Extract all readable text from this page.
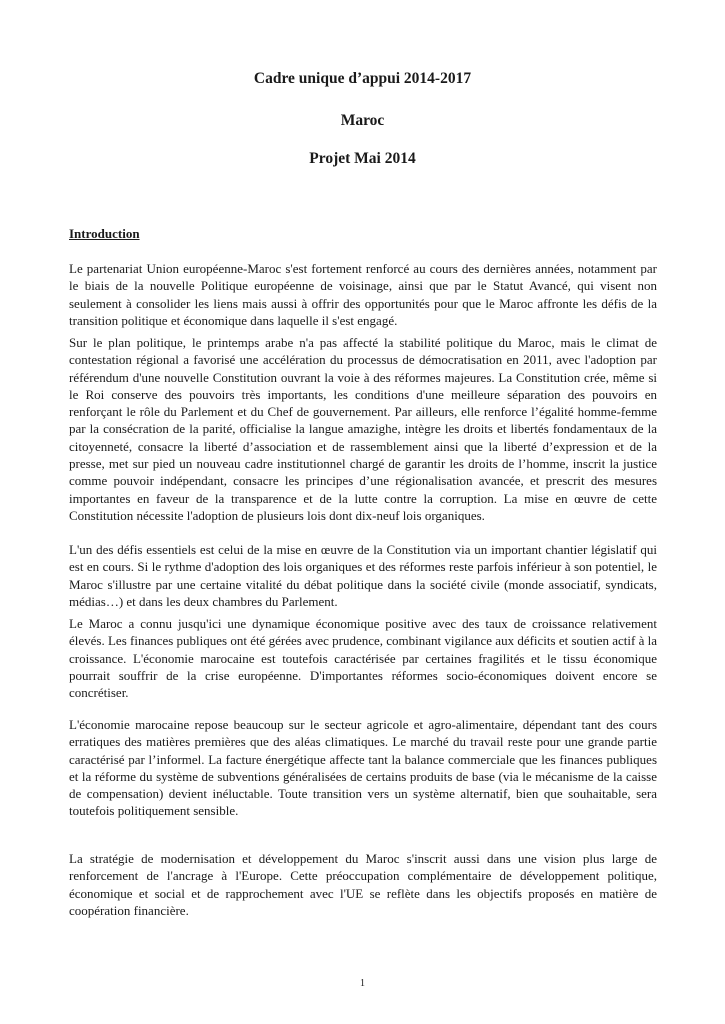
Cadre unique d’appui 2014-2017
Maroc
Projet Mai 2014
Introduction

Le partenariat Union européenne-Maroc s'est fortement renforcé au cours des dernières années, notamment par le biais de la nouvelle Politique européenne de voisinage, ainsi que par le Statut Avancé, qui visent non seulement à consolider les liens mais aussi à offrir des opportunités pour que le Maroc affronte les défis de la transition politique et économique dans laquelle il s'est engagé.

Sur le plan politique, le printemps arabe n'a pas affecté la stabilité politique du Maroc, mais le climat de contestation régional a favorisé une accélération du processus de démocratisation en 2011, avec l'adoption par référendum d'une nouvelle Constitution ouvrant la voie à des réformes majeures. La Constitution crée, même si le Roi conserve des pouvoirs très importants, les conditions d'une meilleure séparation des pouvoirs en renforçant le rôle du Parlement et du Chef de gouvernement. Par ailleurs, elle renforce l’égalité homme-femme par la consécration de la parité, officialise la langue amazighe, intègre les droits et libertés fondamentaux de la citoyenneté, consacre la liberté d’association et de rassemblement ainsi que la liberté d’expression et de la presse, met sur pied un nouveau cadre institutionnel chargé de garantir les droits de l’homme, inscrit la justice comme pouvoir indépendant, consacre les principes d’une régionalisation avancée, et prescrit des mesures importantes en faveur de la transparence et de la lutte contre la corruption. La mise en œuvre de cette Constitution nécessite l'adoption de plusieurs lois dont dix-neuf lois organiques.

L'un des défis essentiels est celui de la mise en œuvre de la Constitution via un important chantier législatif qui est en cours. Si le rythme d'adoption des lois organiques et des réformes reste parfois inférieur à son potentiel, le Maroc s'illustre par une certaine vitalité du débat politique dans la société civile (monde associatif, syndicats, médias…) et dans les deux chambres du Parlement.

Le Maroc a connu jusqu'ici une dynamique économique positive avec des taux de croissance relativement élevés. Les finances publiques ont été gérées avec prudence, combinant vigilance aux déficits et soutien actif à la croissance. L'économie marocaine est toutefois caractérisée par certaines fragilités et le tissu économique pourrait souffrir de la crise européenne. D'importantes réformes socio-économiques doivent encore se concrétiser.

L'économie marocaine repose beaucoup sur le secteur agricole et agro-alimentaire, dépendant tant des cours erratiques des matières premières que des aléas climatiques. Le marché du travail reste pour une grande partie caractérisé par l’informel. La facture énergétique affecte tant la balance commerciale que les finances publiques et la réforme du système de subventions généralisées de certains produits de base (via le mécanisme de la caisse de compensation) devient inéluctable. Toute transition vers un système alternatif, bien que souhaitable, sera toutefois politiquement sensible.

La stratégie de modernisation et développement du Maroc s'inscrit aussi dans une vision plus large de renforcement de l'ancrage à l'Europe. Cette préoccupation complémentaire de développement politique, économique et social et de rapprochement avec l'UE se reflète dans les objectifs proposés en matière de coopération financière.

1
